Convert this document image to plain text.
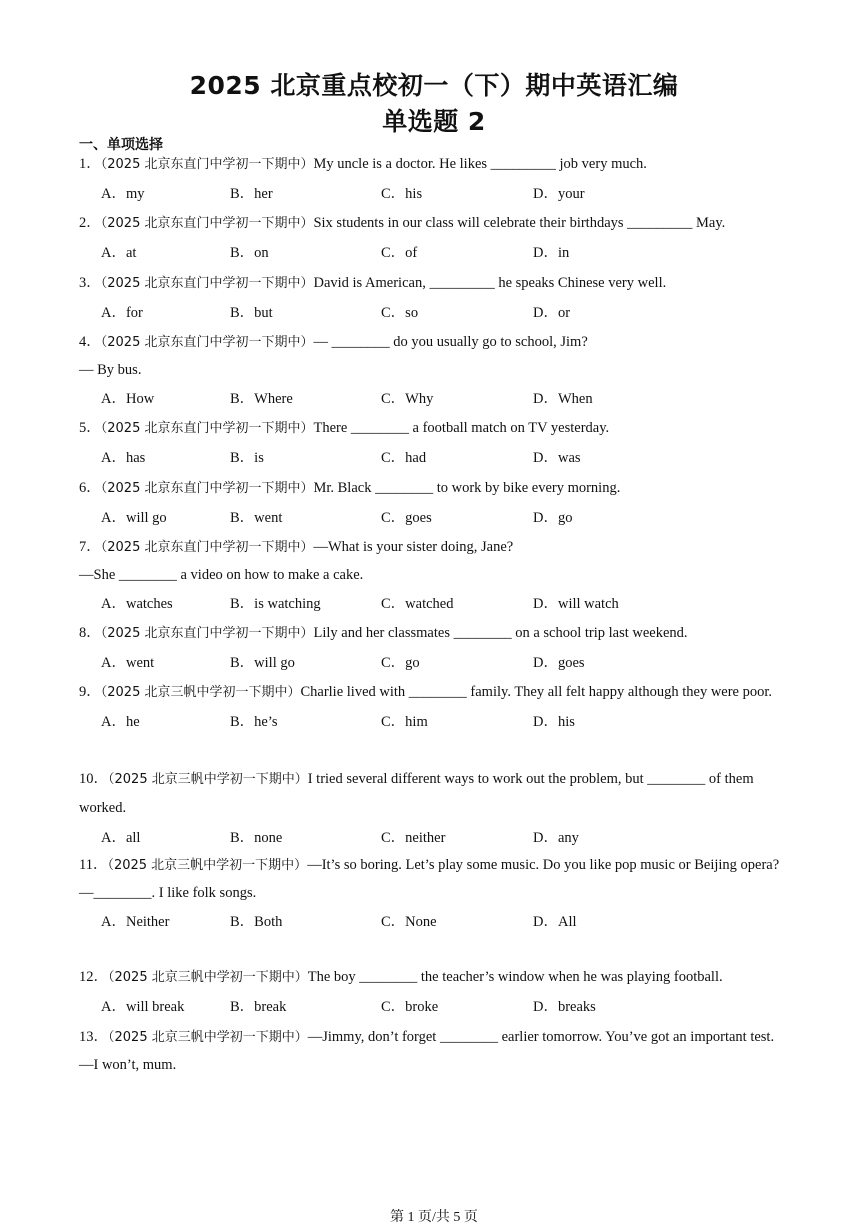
2025 北京重点校初一（下）期中英语汇编
单选题 2
一、单项选择
1．（2025 北京东直门中学初一下期中）My uncle is a doctor. He likes _________ job very much.
A．my	B．her	C．his	D．your
2．（2025 北京东直门中学初一下期中）Six students in our class will celebrate their birthdays _________ May.
A．at	B．on	C．of	D．in
3．（2025 北京东直门中学初一下期中）David is American, _________ he speaks Chinese very well.
A．for	B．but	C．so	D．or
4．（2025 北京东直门中学初一下期中）— ________ do you usually go to school, Jim?
— By bus.
A．How	B．Where	C．Why	D．When
5．（2025 北京东直门中学初一下期中）There ________ a football match on TV yesterday.
A．has	B．is	C．had	D．was
6．（2025 北京东直门中学初一下期中）Mr. Black ________ to work by bike every morning.
A．will go	B．went	C．goes	D．go
7．（2025 北京东直门中学初一下期中）—What is your sister doing, Jane?
—She ________ a video on how to make a cake.
A．watches	B．is watching	C．watched	D．will watch
8．（2025 北京东直门中学初一下期中）Lily and her classmates ________ on a school trip last weekend.
A．went	B．will go	C．go	D．goes
9．（2025 北京三帆中学初一下期中）Charlie lived with ________ family. They all felt happy although they were poor.
A．he	B．he’s	C．him	D．his
10．（2025 北京三帆中学初一下期中）I tried several different ways to work out the problem, but ________ of them worked.
A．all	B．none	C．neither	D．any
11．（2025 北京三帆中学初一下期中）—It’s so boring. Let’s play some music. Do you like pop music or Beijing opera?
—________. I like folk songs.
A．Neither	B．Both	C．None	D．All
12．（2025 北京三帆中学初一下期中）The boy ________ the teacher’s window when he was playing football.
A．will break	B．break	C．broke	D．breaks
13．（2025 北京三帆中学初一下期中）—Jimmy, don’t forget ________ earlier tomorrow. You’ve got an important test.
—I won’t, mum.
第 1 页/共 5 页
